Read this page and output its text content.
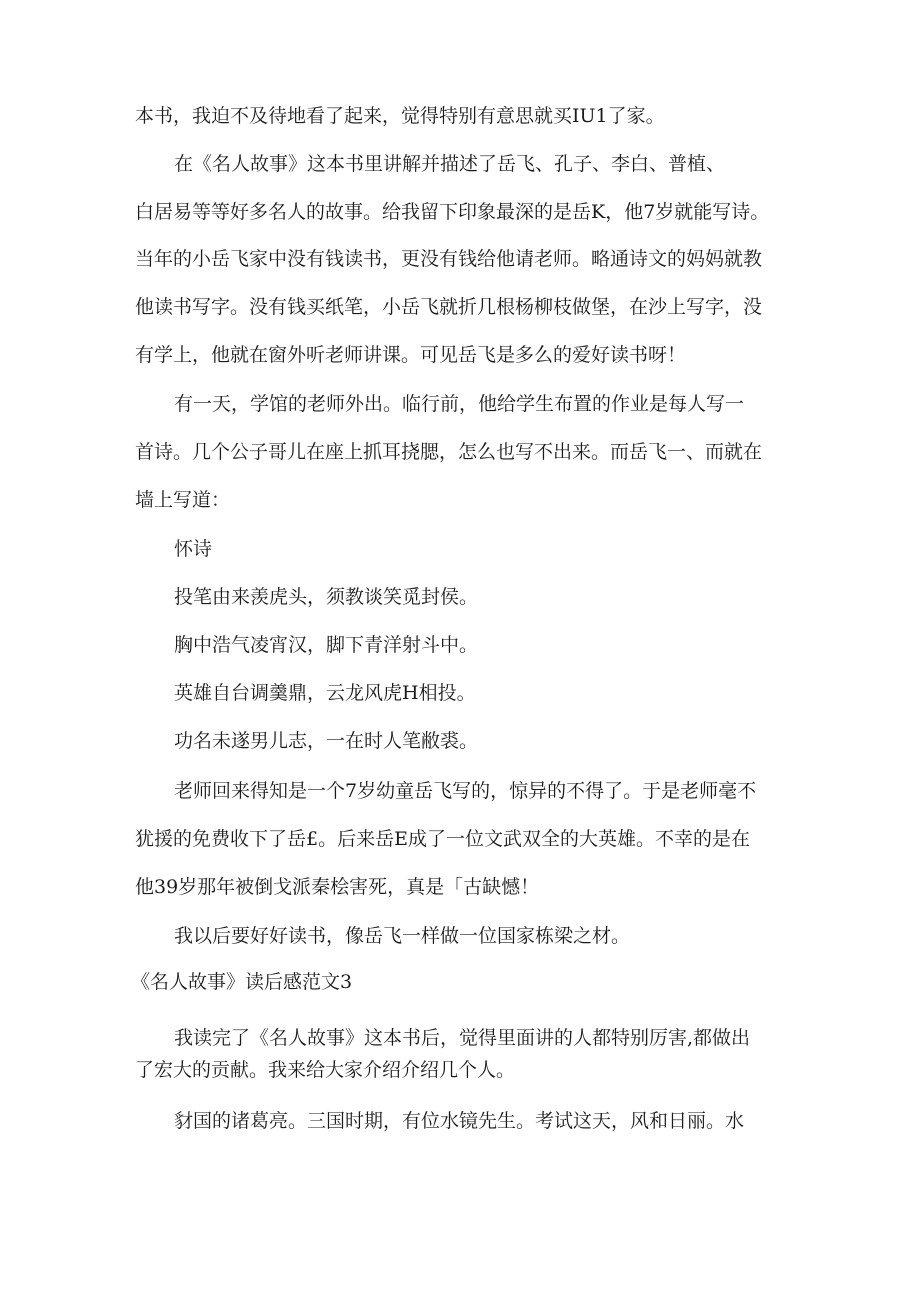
本书，我迫不及待地看了起来，觉得特别有意思就买IU1了家。
在《名人故事》这本书里讲解并描述了岳飞、孔子、李白、普植、
白居易等等好多名人的故事。给我留下印象最深的是岳K，他7岁就能写诗。
当年的小岳飞家中没有钱读书，更没有钱给他请老师。略通诗文的妈妈就教
他读书写字。没有钱买纸笔，小岳飞就折几根杨柳枝做堡，在沙上写字，没
有学上，他就在窗外听老师讲课。可见岳飞是多么的爱好读书呀！
有一天，学馆的老师外出。临行前，他给学生布置的作业是每人写一
首诗。几个公子哥儿在座上抓耳挠腮，怎么也写不出来。而岳飞一、而就在
墙上写道：
怀诗
投笔由来羡虎头，须教谈笑觅封侯。
胸中浩气凌宵汉，脚下青洋射斗中。
英雄自台调羹鼎，云龙风虎H相投。
功名未遂男儿志，一在时人笔敝裘。
老师回来得知是一个7岁幼童岳飞写的，惊异的不得了。于是老师毫不
犹援的免费收下了岳£。后来岳E成了一位文武双全的大英雄。不幸的是在
他39岁那年被倒戈派秦桧害死，真是「古缺憾！
我以后要好好读书，像岳飞一样做一位国家栋梁之材。
《名人故事》读后感范文3
我读完了《名人故事》这本书后，觉得里面讲的人都特别厉害,都做出
了宏大的贡献。我来给大家介绍介绍几个人。
豺国的诸葛亮。三国时期，有位水镜先生。考试这天，风和日丽。水
